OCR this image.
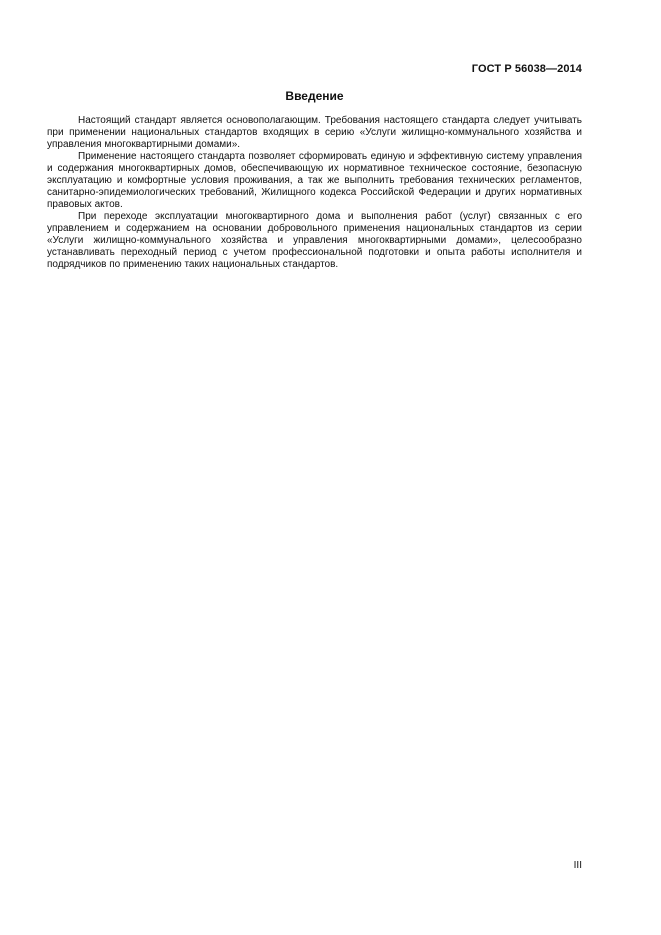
ГОСТ Р 56038—2014
Введение

Настоящий стандарт является основополагающим. Требования настоящего стандарта следует учитывать при применении национальных стандартов входящих в серию «Услуги жилищно-коммунального хозяйства и управления многоквартирными домами».

Применение настоящего стандарта позволяет сформировать единую и эффективную систему управления и содержания многоквартирных домов, обеспечивающую их нормативное техническое состояние, безопасную эксплуатацию и комфортные условия проживания, а так же выполнить требования технических регламентов, санитарно-эпидемиологических требований, Жилищного кодекса Российской Федерации и других нормативных правовых актов.

При переходе эксплуатации многоквартирного дома и выполнения работ (услуг) связанных с его управлением и содержанием на основании добровольного применения национальных стандартов из серии «Услуги жилищно-коммунального хозяйства и управления многоквартирными домами», целесообразно устанавливать переходный период с учетом профессиональной подготовки и опыта работы исполнителя и подрядчиков по применению таких национальных стандартов.

III
